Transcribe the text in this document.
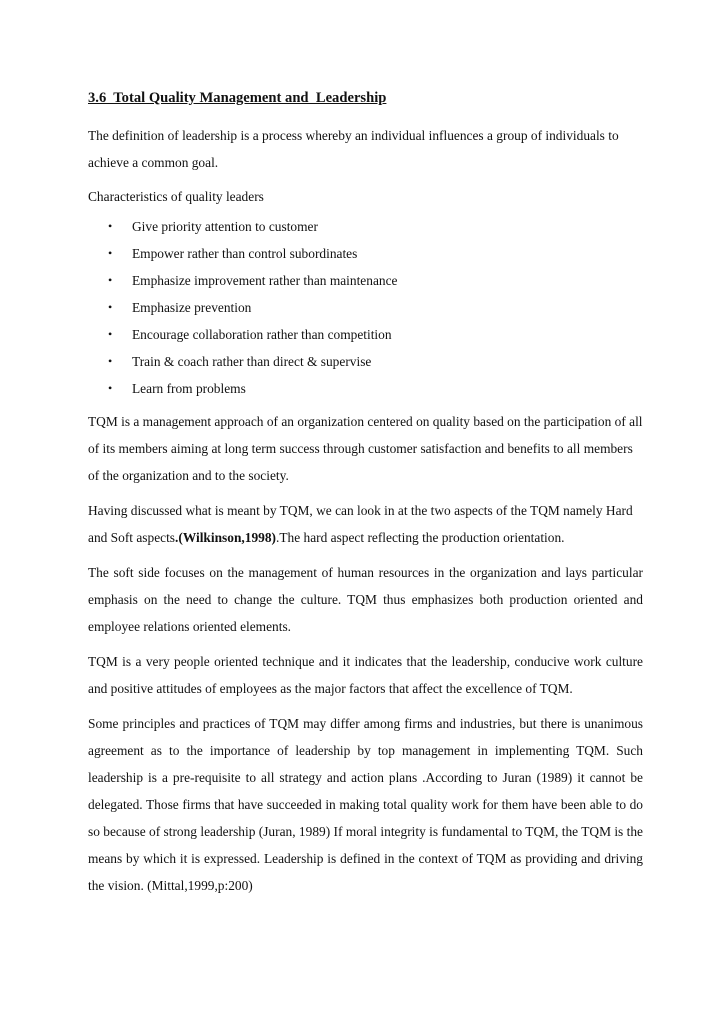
3.6  Total Quality Management and  Leadership

The definition of leadership is a process whereby an individual influences a group of individuals to achieve a common goal.

Characteristics of quality leaders

• Give priority attention to customer
• Empower rather than control subordinates
• Emphasize improvement rather than maintenance
• Emphasize prevention
• Encourage collaboration rather than competition
• Train & coach rather than direct & supervise
• Learn from problems

TQM is a management approach of an organization centered on quality based on the participation of all of its members aiming at long term success through customer satisfaction and benefits to all members of the organization and to the society.

Having discussed what is meant by TQM, we can look in at the two aspects of the TQM namely Hard and Soft aspects.(Wilkinson,1998).The hard aspect reflecting the production orientation.

The soft side focuses on the management of human resources in the organization and lays particular emphasis on the need to change the culture. TQM thus emphasizes both production oriented and employee relations oriented elements.

TQM is a very people oriented technique and it indicates that the leadership, conducive work culture and positive attitudes of employees as the major factors that affect the excellence of TQM.

Some principles and practices of TQM may differ among firms and industries, but there is unanimous agreement as to the importance of leadership by top management in implementing TQM. Such leadership is a pre-requisite to all strategy and action plans .According to Juran (1989) it cannot be delegated. Those firms that have succeeded in making total quality work for them have been able to do so because of strong leadership (Juran, 1989) If moral integrity is fundamental to TQM, the TQM is the means by which it is expressed. Leadership is defined in the context of TQM as providing and driving the vision. (Mittal,1999,p:200)
